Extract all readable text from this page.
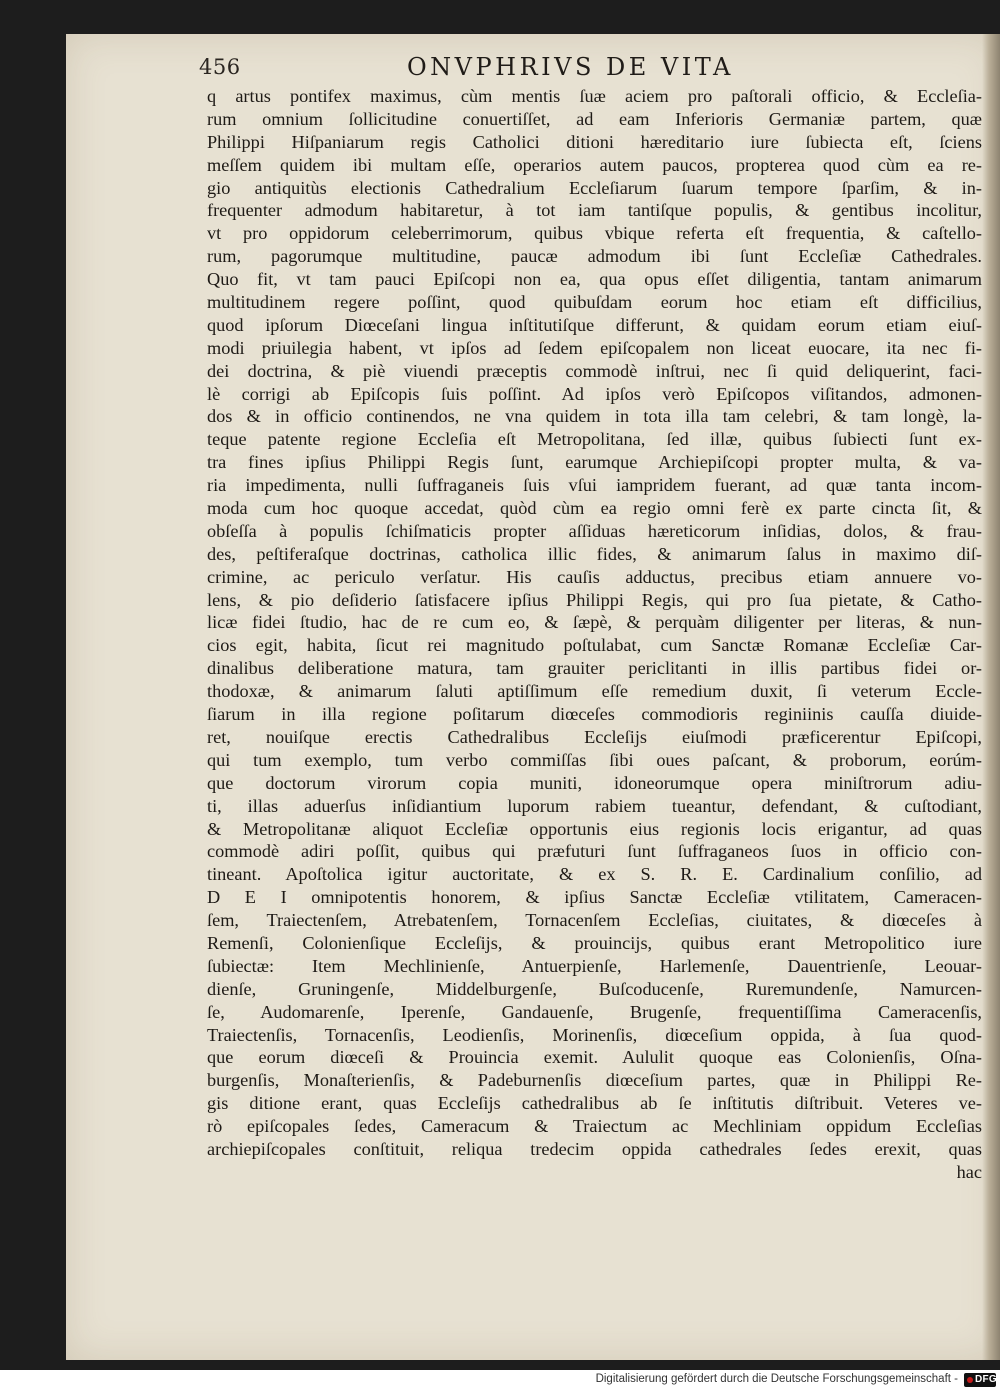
456	ONVPHRIVS DE VITA
q artus pontifex maximus, cùm mentis ſuæ aciem pro paſtorali officio, & Eccleſia-
rum omnium ſollicitudine conuertiſſet, ad eam Inferioris Germaniæ partem, quæ
Philippi Hiſpaniarum regis Catholici ditioni hæreditario iure ſubiecta eſt, ſciens
meſſem quidem ibi multam eſſe, operarios autem paucos, propterea quod cùm ea re-
gio antiquitùs electionis Cathedralium Eccleſiarum ſuarum tempore ſparſim, & in-
frequenter admodum habitaretur, à tot iam tantiſque populis, & gentibus incolitur,
vt pro oppidorum celeberrimorum, quibus vbique referta eſt frequentia, & caſtello-
rum, pagorumque multitudine, paucæ admodum ibi ſunt Eccleſiæ Cathedrales.
Quo fit, vt tam pauci Epiſcopi non ea, qua opus eſſet diligentia, tantam animarum
multitudinem regere poſſint, quod quibuſdam eorum hoc etiam eſt difficilius,
quod ipſorum Diœceſani lingua inſtitutiſque differunt, & quidam eorum etiam eiuſ-
modi priuilegia habent, vt ipſos ad ſedem epiſcopalem non liceat euocare, ita nec fi-
dei doctrina, & piè viuendi præceptis commodè inſtrui, nec ſi quid deliquerint, faci-
lè corrigi ab Epiſcopis ſuis poſſint. Ad ipſos verò Epiſcopos viſitandos, admonen-
dos & in officio continendos, ne vna quidem in tota illa tam celebri, & tam longè, la-
teque patente regione Eccleſia eſt Metropolitana, ſed illæ, quibus ſubiecti ſunt ex-
tra fines ipſius Philippi Regis ſunt, earumque Archiepiſcopi propter multa, & va-
ria impedimenta, nulli ſuffraganeis ſuis vſui iampridem fuerant, ad quæ tanta incom-
moda cum hoc quoque accedat, quòd cùm ea regio omni ferè ex parte cincta ſit, &
obſeſſa à populis ſchiſmaticis propter aſſiduas hæreticorum inſidias, dolos, & frau-
des, peſtiferaſque doctrinas, catholica illic fides, & animarum ſalus in maximo diſ-
crimine, ac periculo verſatur. His cauſis adductus, precibus etiam annuere vo-
lens, & pio deſiderio ſatisfacere ipſius Philippi Regis, qui pro ſua pietate, & Catho-
licæ fidei ſtudio, hac de re cum eo, & ſæpè, & perquàm diligenter per literas, & nun-
cios egit, habita, ſicut rei magnitudo poſtulabat, cum Sanctæ Romanæ Eccleſiæ Car-
dinalibus deliberatione matura, tam grauiter periclitanti in illis partibus fidei or-
thodoxæ, & animarum ſaluti aptiſſimum eſſe remedium duxit, ſi veterum Eccle-
ſiarum in illa regione poſitarum diœceſes commodioris reginiinis cauſſa diuide-
ret, nouiſque erectis Cathedralibus Eccleſijs eiuſmodi præficerentur Epiſcopi,
qui tum exemplo, tum verbo commiſſas ſibi oues paſcant, & proborum, eorúm-
que doctorum virorum copia muniti, idoneorumque opera miniſtrorum adiu-
ti, illas aduerſus inſidiantium luporum rabiem tueantur, defendant, & cuſtodiant,
& Metropolitanæ aliquot Eccleſiæ opportunis eius regionis locis erigantur, ad quas
commodè adiri poſſit, quibus qui præfuturi ſunt ſuffraganeos ſuos in officio con-
tineant. Apoſtolica igitur auctoritate, & ex S. R. E. Cardinalium conſilio, ad
D E I omnipotentis honorem, & ipſius Sanctæ Eccleſiæ vtilitatem, Cameracen-
ſem, Traiectenſem, Atrebatenſem, Tornacenſem Eccleſias, ciuitates, & diœceſes à
Remenſi, Colonienſique Eccleſijs, & prouincijs, quibus erant Metropolitico iure
ſubiectæ: Item Mechlinienſe, Antuerpienſe, Harlemenſe, Dauentrienſe, Leouar-
dienſe, Gruningenſe, Middelburgenſe, Buſcoducenſe, Ruremundenſe, Namurcen-
ſe, Audomarenſe, Iperenſe, Gandauenſe, Brugenſe, frequentiſſima Cameracenſis,
Traiectenſis, Tornacenſis, Leodienſis, Morinenſis, diœceſium oppida, à ſua quod-
que eorum diœceſi & Prouincia exemit. Aululit quoque eas Colonienſis, Oſna-
burgenſis, Monaſterienſis, & Padeburnenſis diœceſium partes, quæ in Philippi Re-
gis ditione erant, quas Eccleſijs cathedralibus ab ſe inſtitutis diſtribuit. Veteres ve-
rò epiſcopales ſedes, Cameracum & Traiectum ac Mechliniam oppidum Eccleſias
archiepiſcopales conſtituit, reliqua tredecim oppida cathedrales ſedes erexit, quas
hac
Digitalisierung gefördert durch die Deutsche Forschungsgemeinschaft - DFG
